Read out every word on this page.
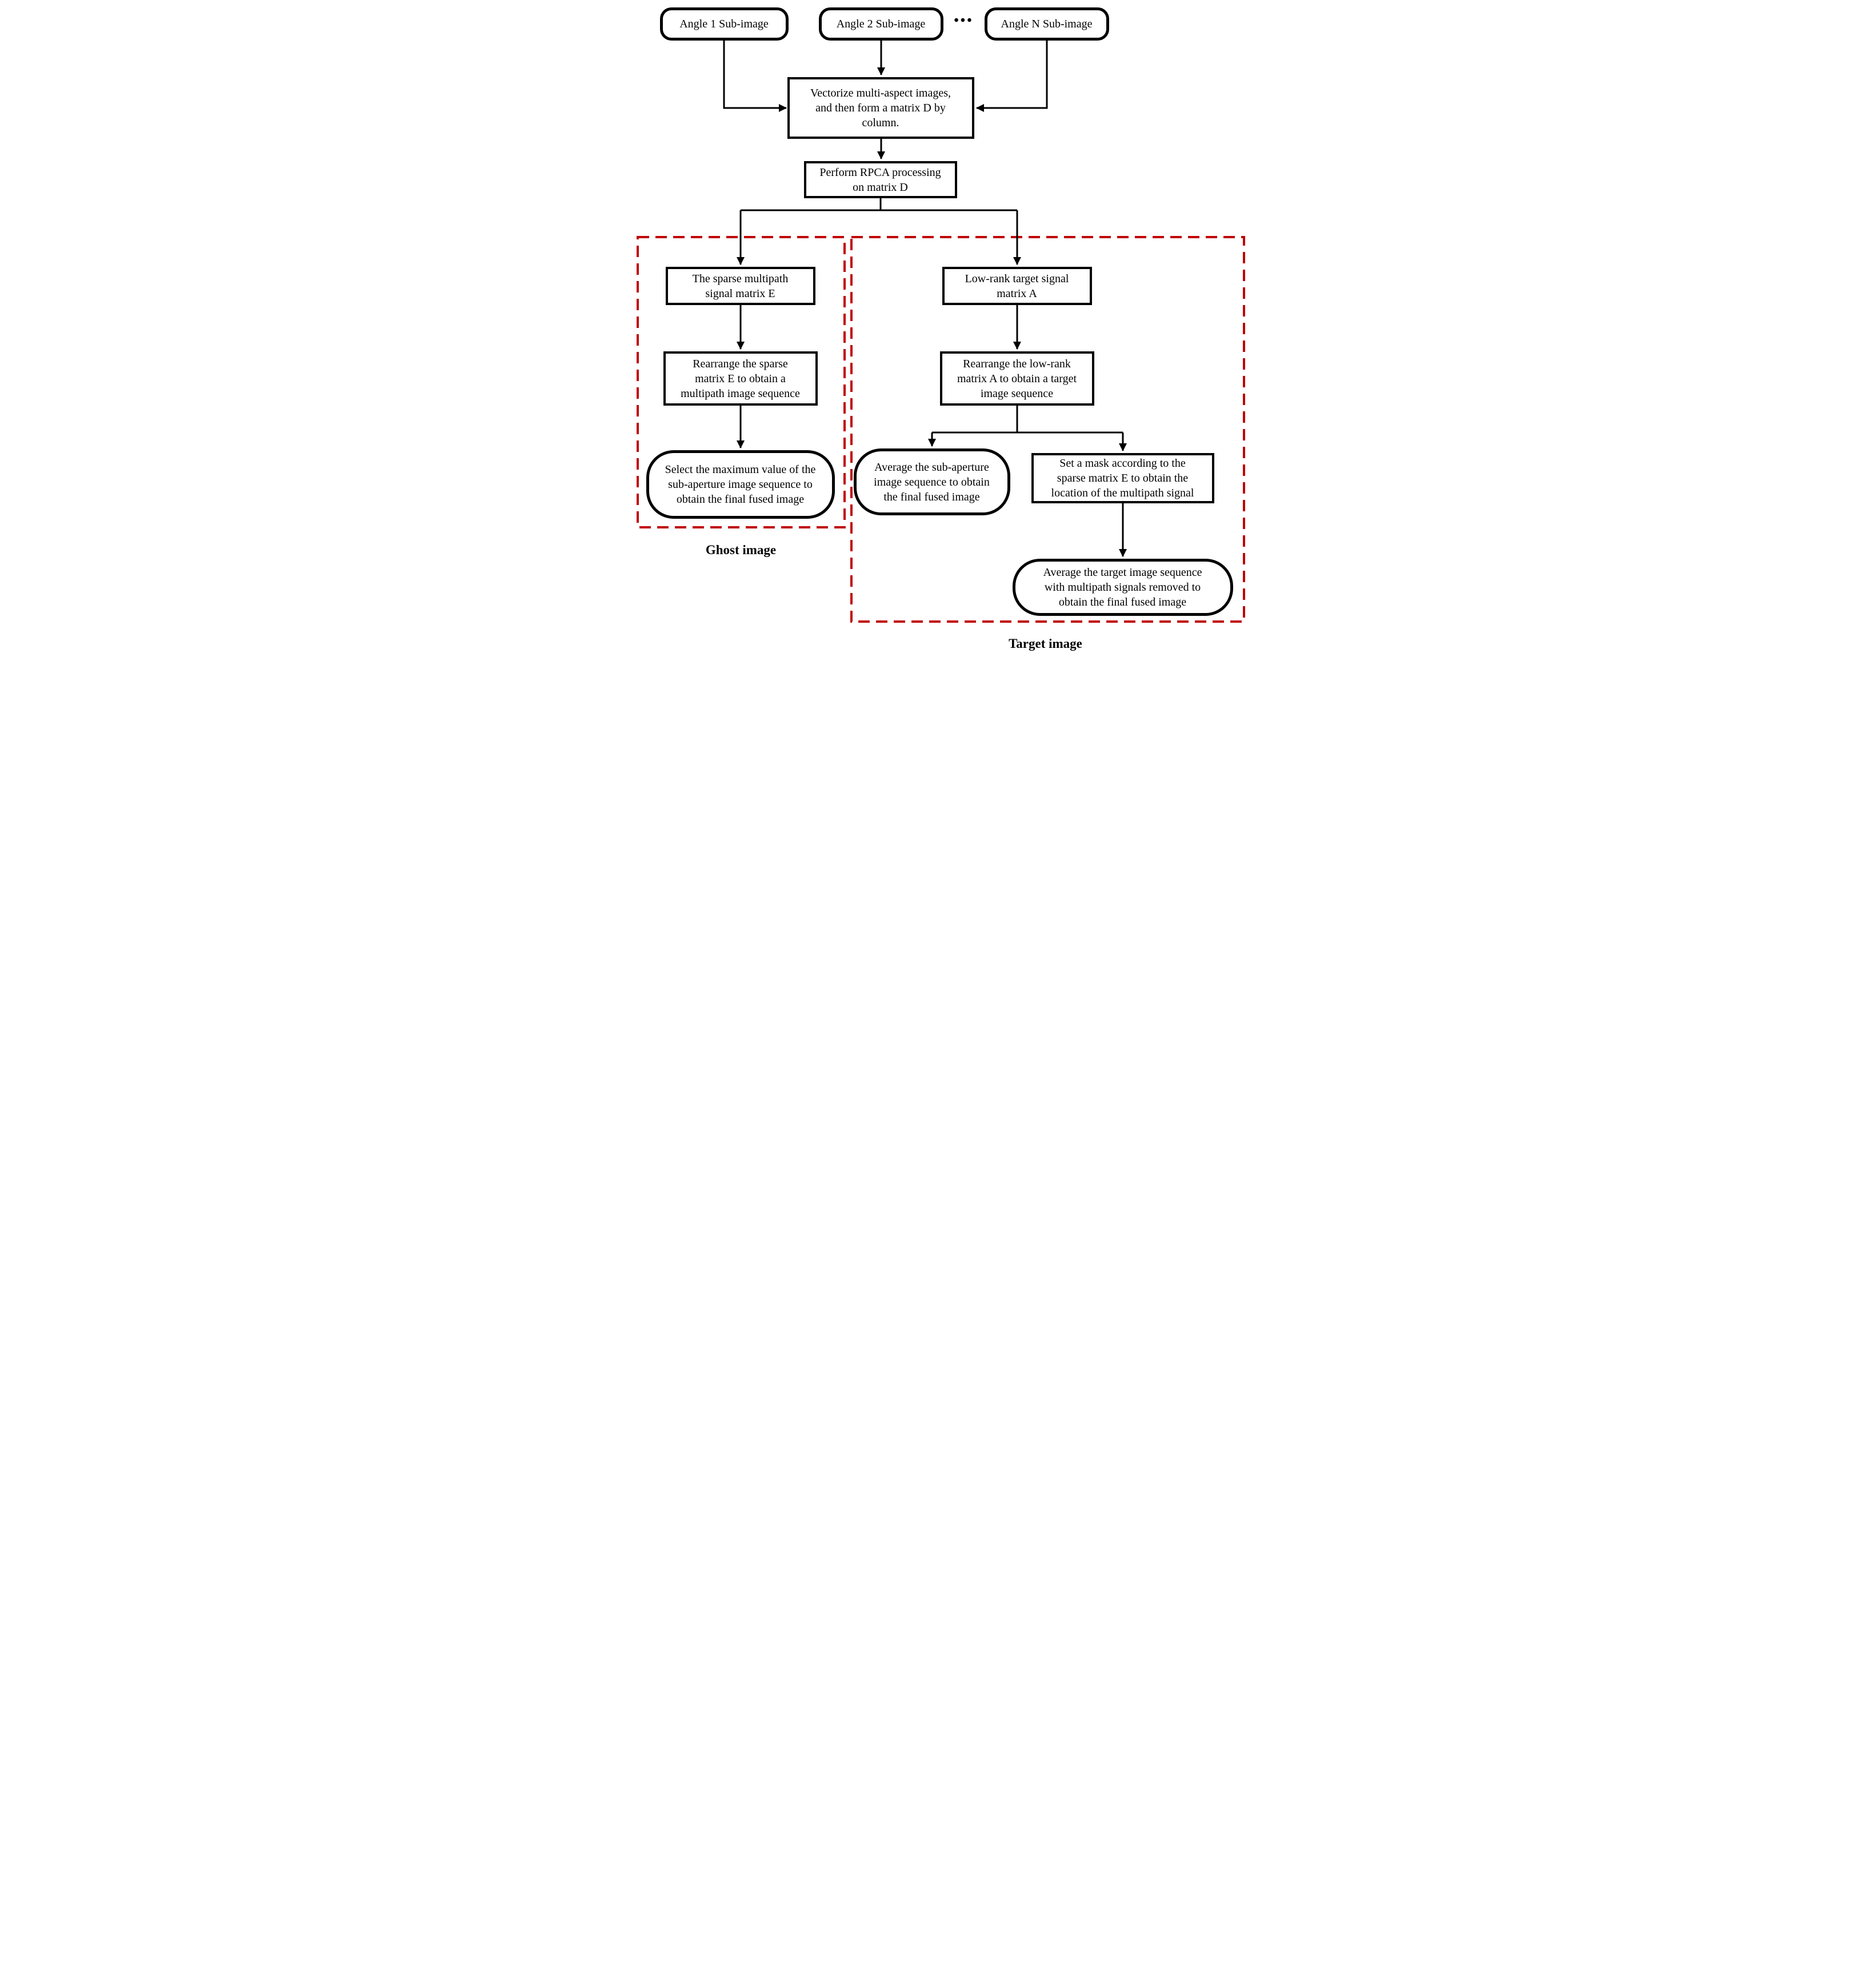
Angle 1 Sub-image	Angle 2 Sub-image ••• Angle N Sub-image
Vectorize multi-aspect images,
and then form a matrix D by
column.
Perform RPCA processing
on matrix D
The sparse multipath
signal matrix E
Rearrange the sparse
matrix E to obtain a
multipath image sequence
Select the maximum value of the
sub-aperture image sequence to
obtain the final fused image
Low-rank target signal
matrix A
Rearrange the low-rank
matrix A to obtain a target
image sequence
Average the sub-aperture
image sequence to obtain
the final fused image
Set a mask according to the
sparse matrix E to obtain the
location of the multipath signal
Average the target image sequence
with multipath signals removed to
obtain the final fused image
Ghost image
Target image
